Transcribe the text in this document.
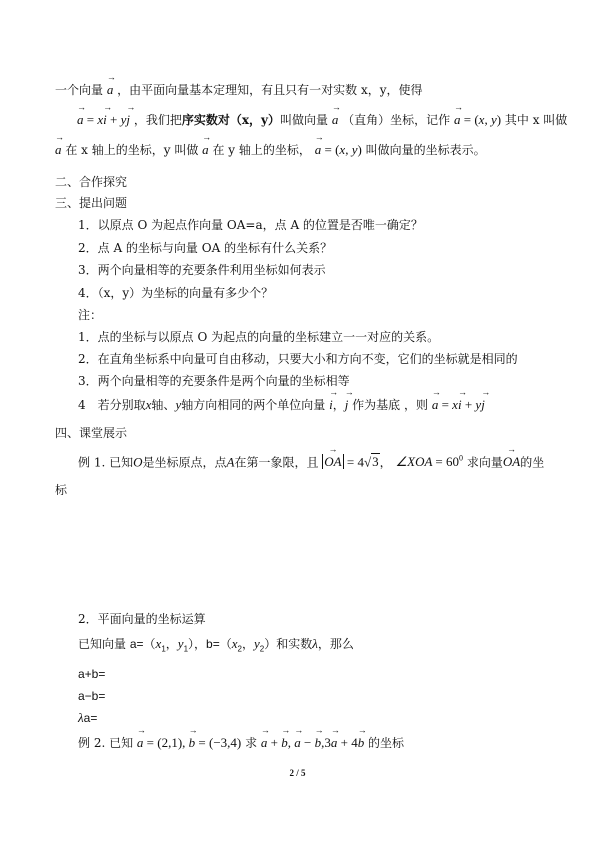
一个向量 → a ，由平面向量基本定理知，有且只有一对实数 x，y，使得
→ a = x→ i + y→ j ，我们把序实数对（x，y）叫做向量 → a （直角）坐标，记作 → a = (x, y) 其中 x 叫做
→ a 在 x 轴上的坐标，y 叫做 → a 在 y 轴上的坐标， → a = (x, y) 叫做向量的坐标表示。
二、合作探究
三、提出问题
1．以原点 O 为起点作向量 OA=a，点 A 的位置是否唯一确定？
2．点 A 的坐标与向量 OA 的坐标有什么关系？
3．两个向量相等的充要条件利用坐标如何表示
4．（x，y）为坐标的向量有多少个？
注：
1．点的坐标与以原点 O 为起点的向量的坐标建立一一对应的关系。
2．在直角坐标系中向量可自由移动，只要大小和方向不变，它们的坐标就是相同的
3．两个向量相等的充要条件是两个向量的坐标相等
4　若分别取x轴、y轴方向相同的两个单位向量 → i，→ j 作为基底 ，则 → a = x→ i + y→ j
四、课堂展示
例 1. 已知O是坐标原点，点A在第一象限，且 → OA = 4√3， ∠XOA = $60^0$ 求向量→ OA的坐
标
2．平面向量的坐标运算
已知向量 $a=(x_1$，$y_1$），$b=(x_2$，$y_2$）和实数λ，那么
a+b=
a−b=
λa=
例 2. 已知 → a = (2,1), → b = (−3,4) 求 → a + → b, → a − → b,3→ a + 4→ b 的坐标
2 / 5
